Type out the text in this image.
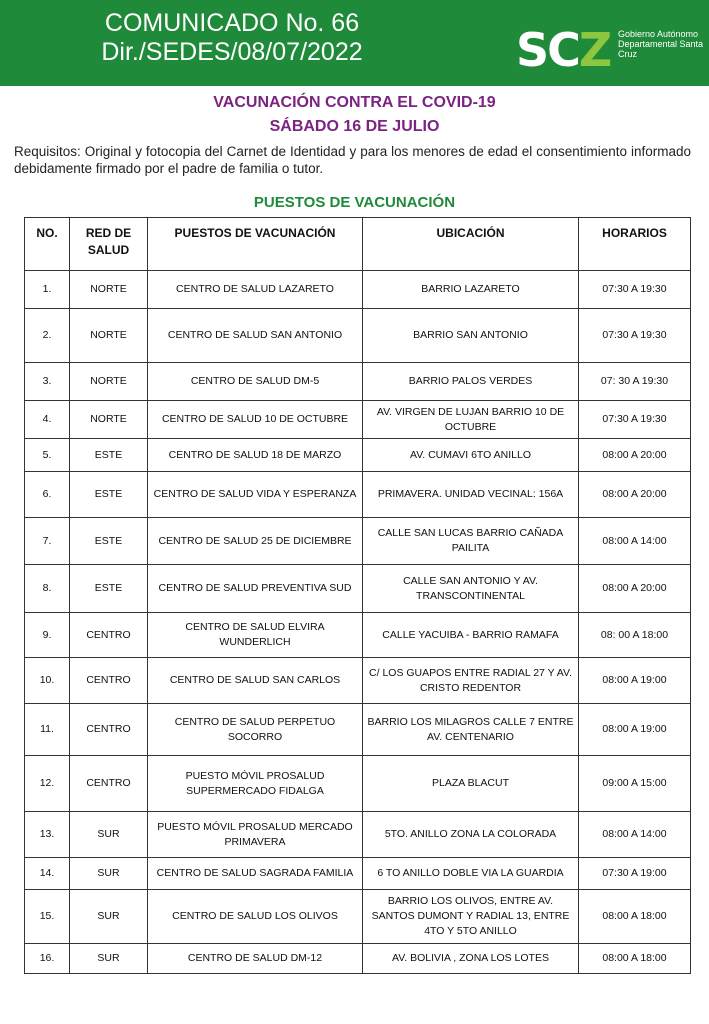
COMUNICADO No. 66
Dir./SEDES/08/07/2022	SCZ Gobierno Autónomo Departamental Santa Cruz
VACUNACIÓN CONTRA EL COVID-19
SÁBADO 16 DE JULIO
Requisitos: Original y fotocopia del Carnet de Identidad y para los menores de edad el consentimiento informado debidamente firmado por el padre de familia o tutor.
PUESTOS DE VACUNACIÓN
NO.	RED DE SALUD	PUESTOS DE VACUNACIÓN	UBICACIÓN	HORARIOS
1.	NORTE	CENTRO DE SALUD LAZARETO	BARRIO LAZARETO	07:30 A 19:30
2.	NORTE	CENTRO DE SALUD SAN ANTONIO	BARRIO SAN ANTONIO	07:30 A 19:30
3.	NORTE	CENTRO DE SALUD DM-5	BARRIO PALOS VERDES	07: 30 A 19:30
4.	NORTE	CENTRO DE SALUD 10 DE OCTUBRE	AV. VIRGEN DE LUJAN BARRIO 10 DE OCTUBRE	07:30 A 19:30
5.	ESTE	CENTRO DE SALUD 18 DE MARZO	AV. CUMAVI 6TO ANILLO	08:00 A 20:00
6.	ESTE	CENTRO DE SALUD VIDA Y ESPERANZA	PRIMAVERA. UNIDAD VECINAL: 156A	08:00 A 20:00
7.	ESTE	CENTRO DE SALUD 25 DE DICIEMBRE	CALLE SAN LUCAS BARRIO CAÑADA PAILITA	08:00 A 14:00
8.	ESTE	CENTRO DE SALUD PREVENTIVA SUD	CALLE SAN ANTONIO Y AV. TRANSCONTINENTAL	08:00 A 20:00
9.	CENTRO	CENTRO DE SALUD ELVIRA WUNDERLICH	CALLE YACUIBA - BARRIO RAMAFA	08: 00 A 18:00
10.	CENTRO	CENTRO DE SALUD SAN CARLOS	C/ LOS GUAPOS ENTRE RADIAL 27 Y AV. CRISTO REDENTOR	08:00 A 19:00
11.	CENTRO	CENTRO DE SALUD PERPETUO SOCORRO	BARRIO LOS MILAGROS CALLE 7 ENTRE AV. CENTENARIO	08:00 A 19:00
12.	CENTRO	PUESTO MÓVIL PROSALUD SUPERMERCADO FIDALGA	PLAZA BLACUT	09:00 A 15:00
13.	SUR	PUESTO MÓVIL PROSALUD MERCADO PRIMAVERA	5TO. ANILLO ZONA LA COLORADA	08:00 A 14:00
14.	SUR	CENTRO DE SALUD SAGRADA FAMILIA	6 TO ANILLO DOBLE VIA LA GUARDIA	07:30 A 19:00
15.	SUR	CENTRO DE SALUD LOS OLIVOS	BARRIO LOS OLIVOS, ENTRE AV. SANTOS DUMONT Y RADIAL 13, ENTRE 4TO Y 5TO ANILLO	08:00 A 18:00
16.	SUR	CENTRO DE SALUD DM-12	AV. BOLIVIA , ZONA LOS LOTES	08:00 A 18:00
